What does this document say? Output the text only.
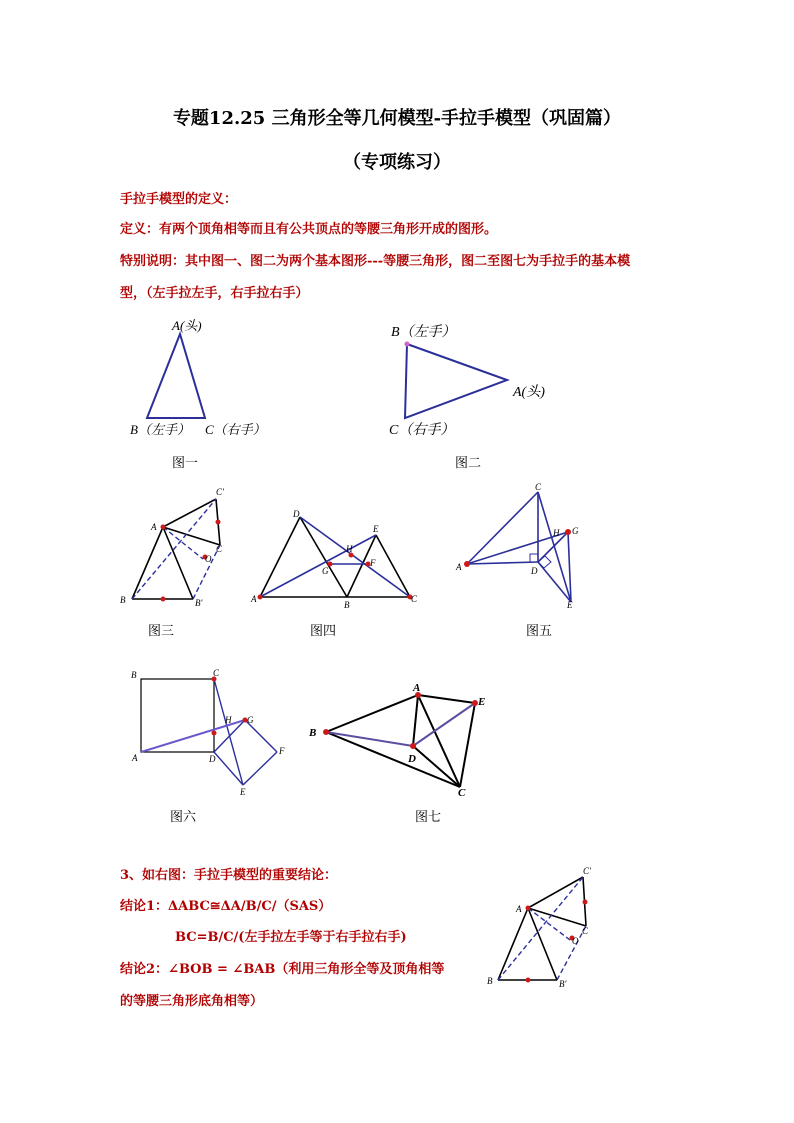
专题12.25 三角形全等几何模型-手拉手模型（巩固篇）
（专项练习）
手拉手模型的定义：
定义：有两个顶角相等而且有公共顶点的等腰三角形开成的图形。
特别说明：其中图一、图二为两个基本图形---等腰三角形，图二至图七为手拉手的基本模
型，（左手拉左手，右手拉右手）
A(头)
B（左手） C（右手）
图一
B（左手）
A(头)
C（右手）
图二
A
B	B'
C
C'
O
图三
A
B
C
D
E
F
G
H
图四
C
A	D
E
G
H
图五
B	C
A	D
E
F
G
H
图六
B
A
D
E
C
图七
3、如右图：手拉手模型的重要结论：
结论1：ΔABC≅ΔA/B/C/（SAS）
BC=B/C/(左手拉左手等于右手拉右手)
结论2：∠BOB = ∠BAB（利用三角形全等及顶角相等
的等腰三角形底角相等）
A
B	B'
C
C'
O
